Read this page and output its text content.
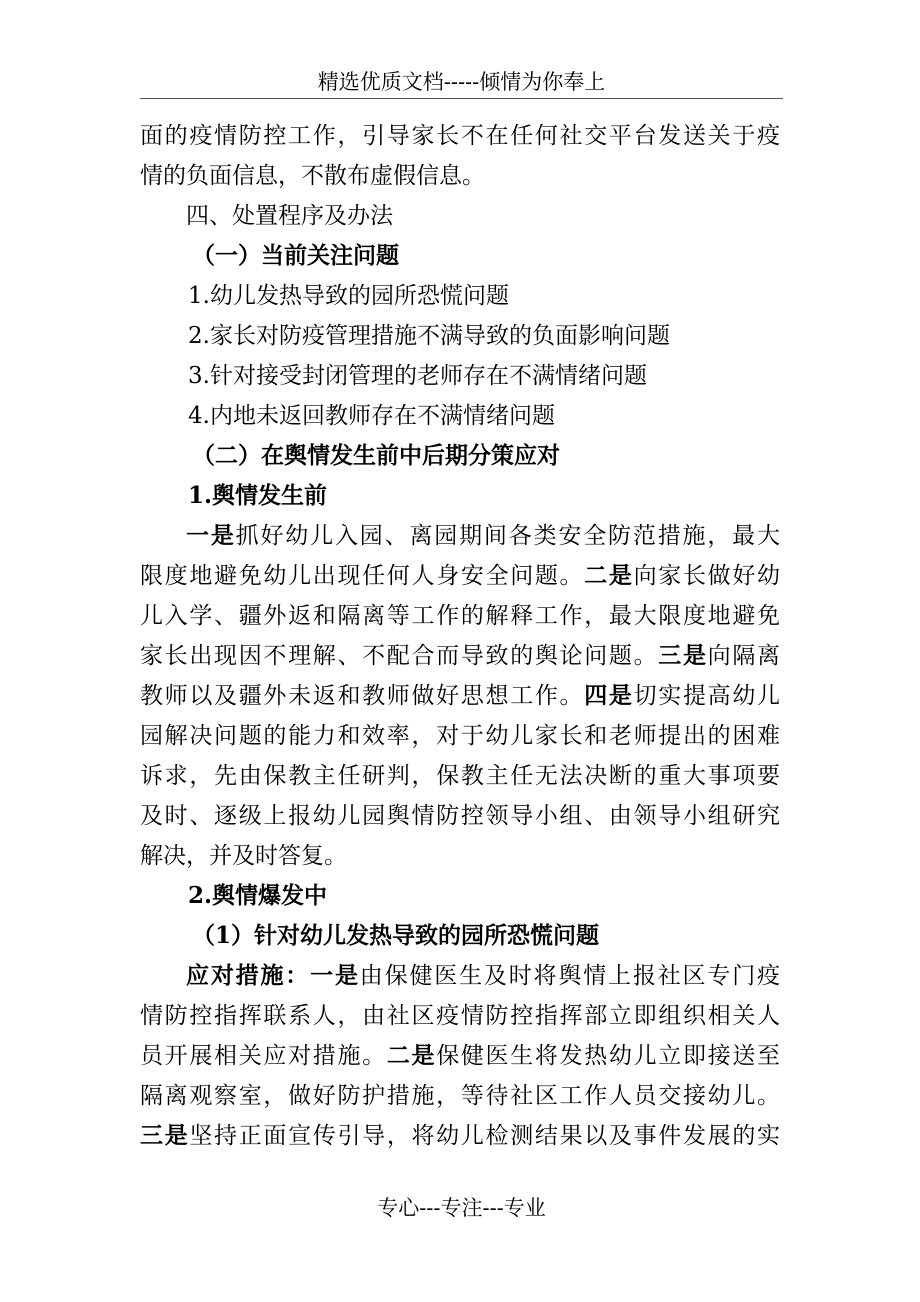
精选优质文档-----倾情为你奉上
面的疫情防控工作，引导家长不在任何社交平台发送关于疫
情的负面信息，不散布虚假信息。
四、处置程序及办法
（一）当前关注问题
1.幼儿发热导致的园所恐慌问题
2.家长对防疫管理措施不满导致的负面影响问题
3.针对接受封闭管理的老师存在不满情绪问题
4.内地未返回教师存在不满情绪问题
（二）在舆情发生前中后期分策应对
1.舆情发生前
一是抓好幼儿入园、离园期间各类安全防范措施，最大
限度地避免幼儿出现任何人身安全问题。二是向家长做好幼
儿入学、疆外返和隔离等工作的解释工作，最大限度地避免
家长出现因不理解、不配合而导致的舆论问题。三是向隔离
教师以及疆外未返和教师做好思想工作。四是切实提高幼儿
园解决问题的能力和效率，对于幼儿家长和老师提出的困难
诉求，先由保教主任研判，保教主任无法决断的重大事项要
及时、逐级上报幼儿园舆情防控领导小组、由领导小组研究
解决，并及时答复。
2.舆情爆发中
（1）针对幼儿发热导致的园所恐慌问题
应对措施：一是由保健医生及时将舆情上报社区专门疫
情防控指挥联系人，由社区疫情防控指挥部立即组织相关人
员开展相关应对措施。二是保健医生将发热幼儿立即接送至
隔离观察室，做好防护措施，等待社区工作人员交接幼儿。
三是坚持正面宣传引导，将幼儿检测结果以及事件发展的实
专心---专注---专业
